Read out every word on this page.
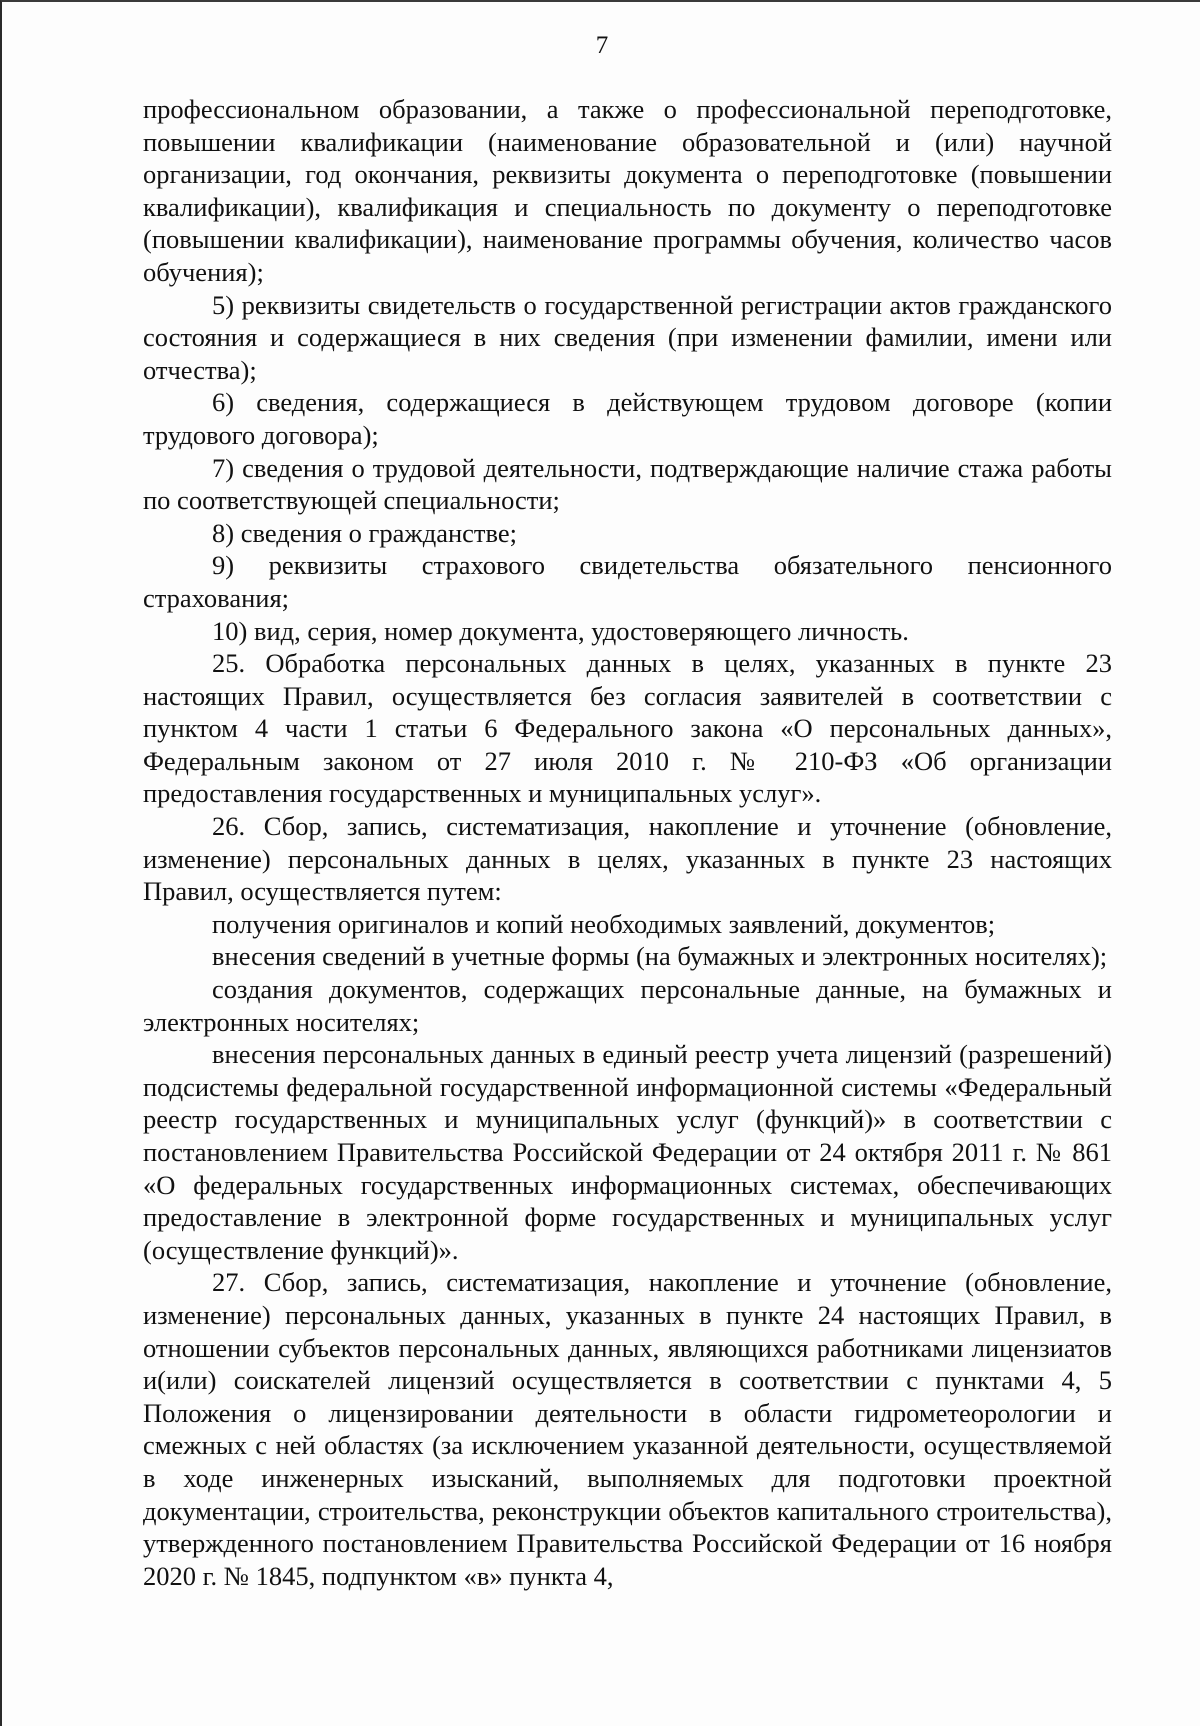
7

профессиональном образовании, а также о профессиональной переподготовке, повышении квалификации (наименование образовательной и (или) научной организации, год окончания, реквизиты документа о переподготовке (повышении квалификации), квалификация и специальность по документу о переподготовке (повышении квалификации), наименование программы обучения, количество часов обучения);

5) реквизиты свидетельств о государственной регистрации актов гражданского состояния и содержащиеся в них сведения (при изменении фамилии, имени или отчества);

6) сведения, содержащиеся в действующем трудовом договоре (копии трудового договора);

7) сведения о трудовой деятельности, подтверждающие наличие стажа работы по соответствующей специальности;

8) сведения о гражданстве;

9) реквизиты страхового свидетельства обязательного пенсионного страхования;

10) вид, серия, номер документа, удостоверяющего личность.

25. Обработка персональных данных в целях, указанных в пункте 23 настоящих Правил, осуществляется без согласия заявителей в соответствии с пунктом 4 части 1 статьи 6 Федерального закона «О персональных данных», Федеральным законом от 27 июля 2010 г. № 210-ФЗ «Об организации предоставления государственных и муниципальных услуг».

26. Сбор, запись, систематизация, накопление и уточнение (обновление, изменение) персональных данных в целях, указанных в пункте 23 настоящих Правил, осуществляется путем:

получения оригиналов и копий необходимых заявлений, документов;

внесения сведений в учетные формы (на бумажных и электронных носителях);

создания документов, содержащих персональные данные, на бумажных и электронных носителях;

внесения персональных данных в единый реестр учета лицензий (разрешений) подсистемы федеральной государственной информационной системы «Федеральный реестр государственных и муниципальных услуг (функций)» в соответствии с постановлением Правительства Российской Федерации от 24 октября 2011 г. № 861 «О федеральных государственных информационных системах, обеспечивающих предоставление в электронной форме государственных и муниципальных услуг (осуществление функций)».

27. Сбор, запись, систематизация, накопление и уточнение (обновление, изменение) персональных данных, указанных в пункте 24 настоящих Правил, в отношении субъектов персональных данных, являющихся работниками лицензиатов и(или) соискателей лицензий осуществляется в соответствии с пунктами 4, 5 Положения о лицензировании деятельности в области гидрометеорологии и смежных с ней областях (за исключением указанной деятельности, осуществляемой в ходе инженерных изысканий, выполняемых для подготовки проектной документации, строительства, реконструкции объектов капитального строительства), утвержденного постановлением Правительства Российской Федерации от 16 ноября 2020 г. № 1845, подпунктом «в» пункта 4,
